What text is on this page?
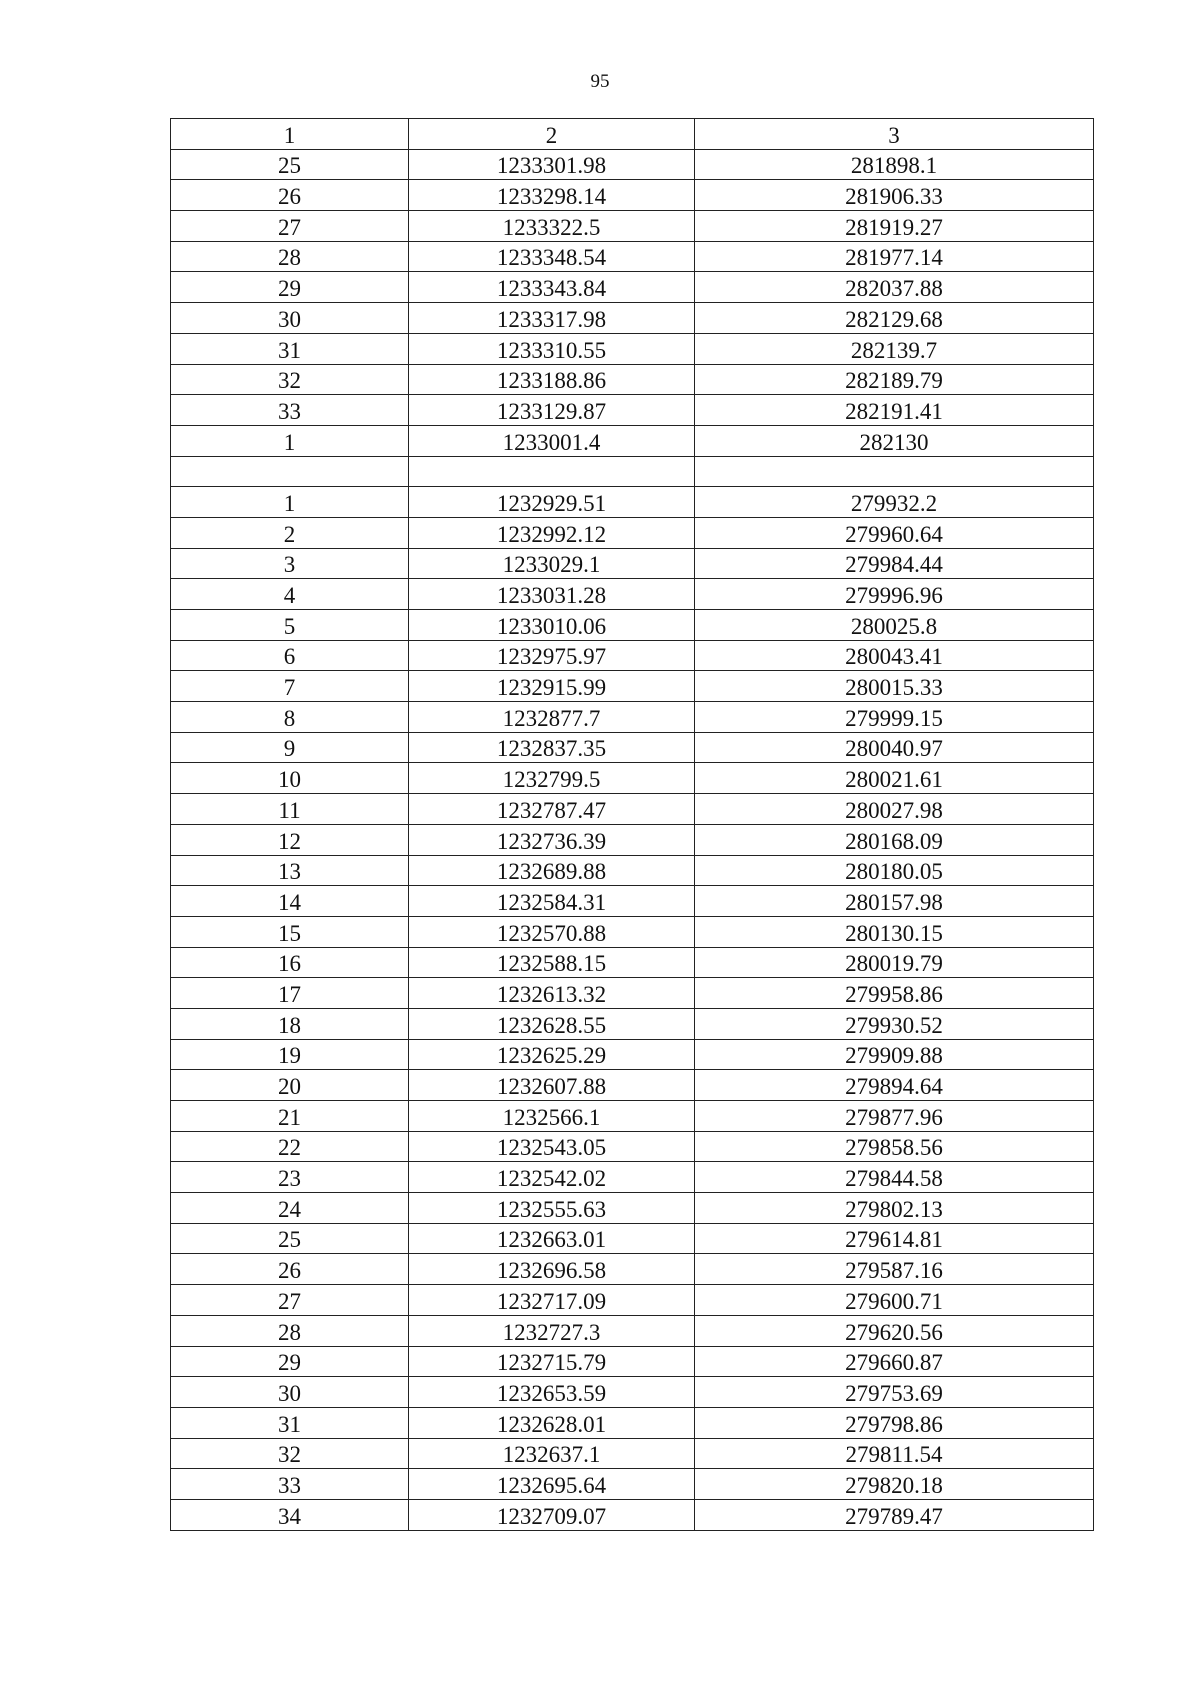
95
1	2	3
25	1233301.98	281898.1
26	1233298.14	281906.33
27	1233322.5	281919.27
28	1233348.54	281977.14
29	1233343.84	282037.88
30	1233317.98	282129.68
31	1233310.55	282139.7
32	1233188.86	282189.79
33	1233129.87	282191.41
1	1233001.4	282130

1	1232929.51	279932.2
2	1232992.12	279960.64
3	1233029.1	279984.44
4	1233031.28	279996.96
5	1233010.06	280025.8
6	1232975.97	280043.41
7	1232915.99	280015.33
8	1232877.7	279999.15
9	1232837.35	280040.97
10	1232799.5	280021.61
11	1232787.47	280027.98
12	1232736.39	280168.09
13	1232689.88	280180.05
14	1232584.31	280157.98
15	1232570.88	280130.15
16	1232588.15	280019.79
17	1232613.32	279958.86
18	1232628.55	279930.52
19	1232625.29	279909.88
20	1232607.88	279894.64
21	1232566.1	279877.96
22	1232543.05	279858.56
23	1232542.02	279844.58
24	1232555.63	279802.13
25	1232663.01	279614.81
26	1232696.58	279587.16
27	1232717.09	279600.71
28	1232727.3	279620.56
29	1232715.79	279660.87
30	1232653.59	279753.69
31	1232628.01	279798.86
32	1232637.1	279811.54
33	1232695.64	279820.18
34	1232709.07	279789.47
